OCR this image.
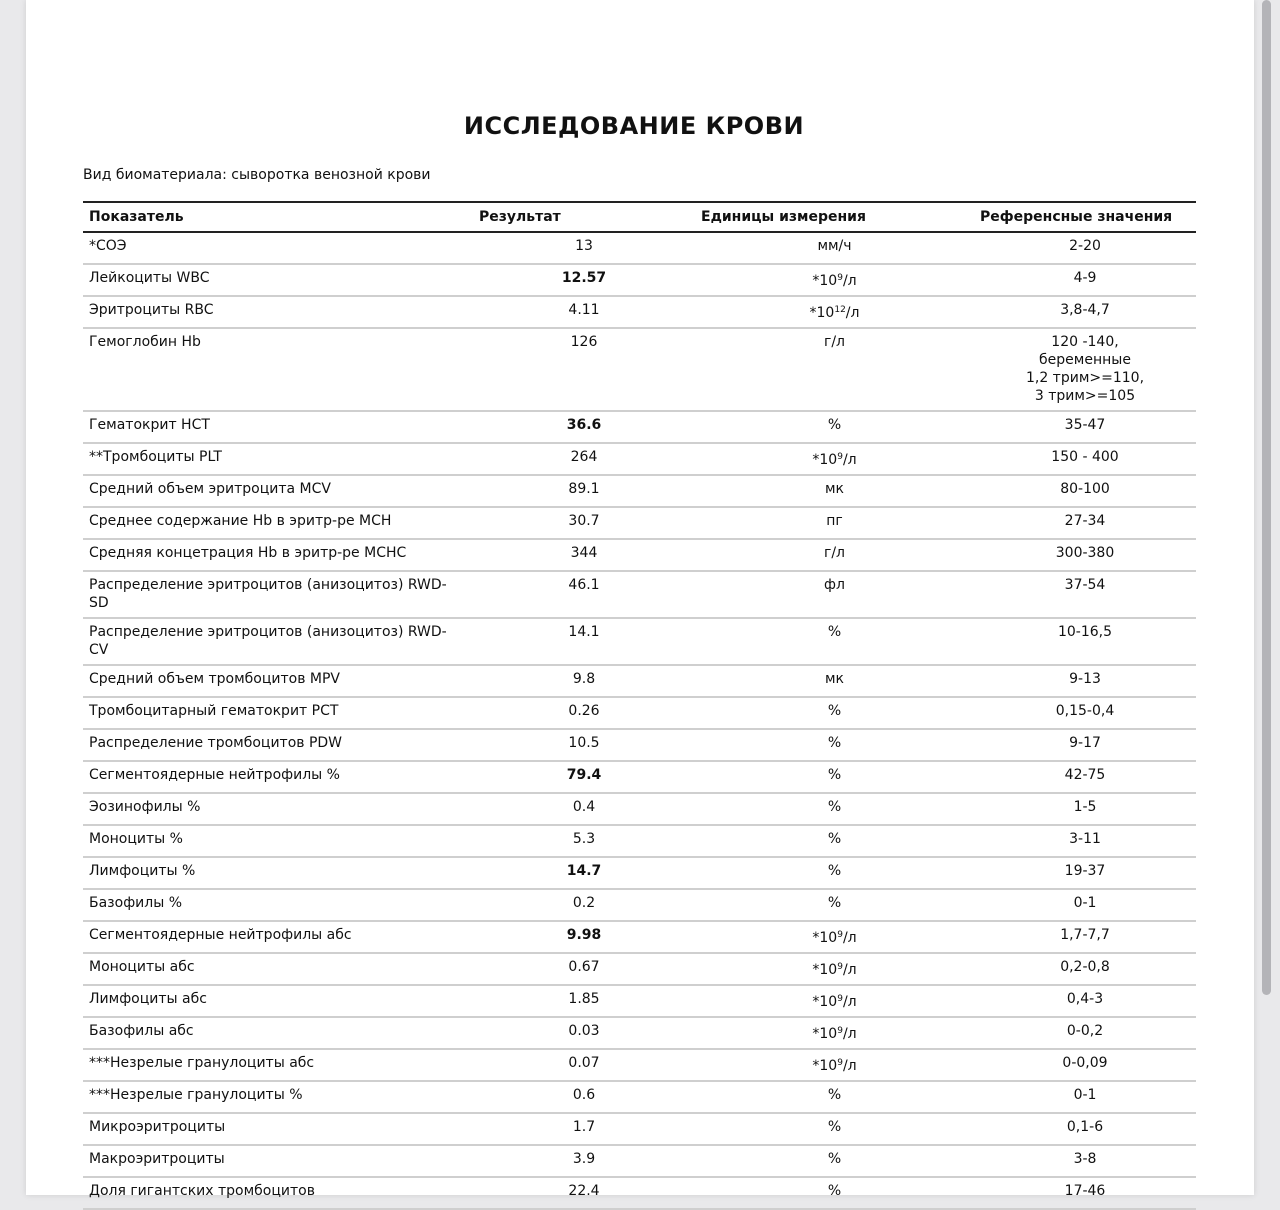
ИССЛЕДОВАНИЕ КРОВИ

Вид биоматериала: сыворотка венозной крови

Показатель	Результат	Единицы измерения	Референсные значения
*СОЭ	13	мм/ч	2-20
Лейкоциты WBC	12.57	$*10^9/л$	4-9
Эритроциты RBC	4.11	$*10^{12}/л$	3,8-4,7
Гемоглобин Hb	126	г/л	120 -140,
беременные
1,2 трим>=110,
3 трим>=105
Гематокрит HCT	36.6	%	35-47
**Тромбоциты PLT	264	$*10^9/л$	150 - 400
Средний объем эритроцита MCV	89.1	мк	80-100
Среднее содержание Hb в эритр-ре MCH	30.7	пг	27-34
Средняя концетрация Hb в эритр-ре MCHC	344	г/л	300-380
Распределение эритроцитов (анизоцитоз) RWD-
SD	46.1	фл	37-54
Распределение эритроцитов (анизоцитоз) RWD-
CV	14.1	%	10-16,5
Средний объем тромбоцитов MPV	9.8	мк	9-13
Тромбоцитарный гематокрит PCT	0.26	%	0,15-0,4
Распределение тромбоцитов PDW	10.5	%	9-17
Сегментоядерные нейтрофилы %	79.4	%	42-75
Эозинофилы %	0.4	%	1-5
Моноциты %	5.3	%	3-11
Лимфоциты %	14.7	%	19-37
Базофилы %	0.2	%	0-1
Сегментоядерные нейтрофилы абс	9.98	$*10^9/л$	1,7-7,7
Моноциты абс	0.67	$*10^9/л$	0,2-0,8
Лимфоциты абс	1.85	$*10^9/л$	0,4-3
Базофилы абс	0.03	$*10^9/л$	0-0,2
***Незрелые гранулоциты абс	0.07	$*10^9/л$	0-0,09
***Незрелые гранулоциты %	0.6	%	0-1
Микроэритроциты	1.7	%	0,1-6
Макроэритроциты	3.9	%	3-8
Доля гигантских тромбоцитов	22.4	%	17-46
